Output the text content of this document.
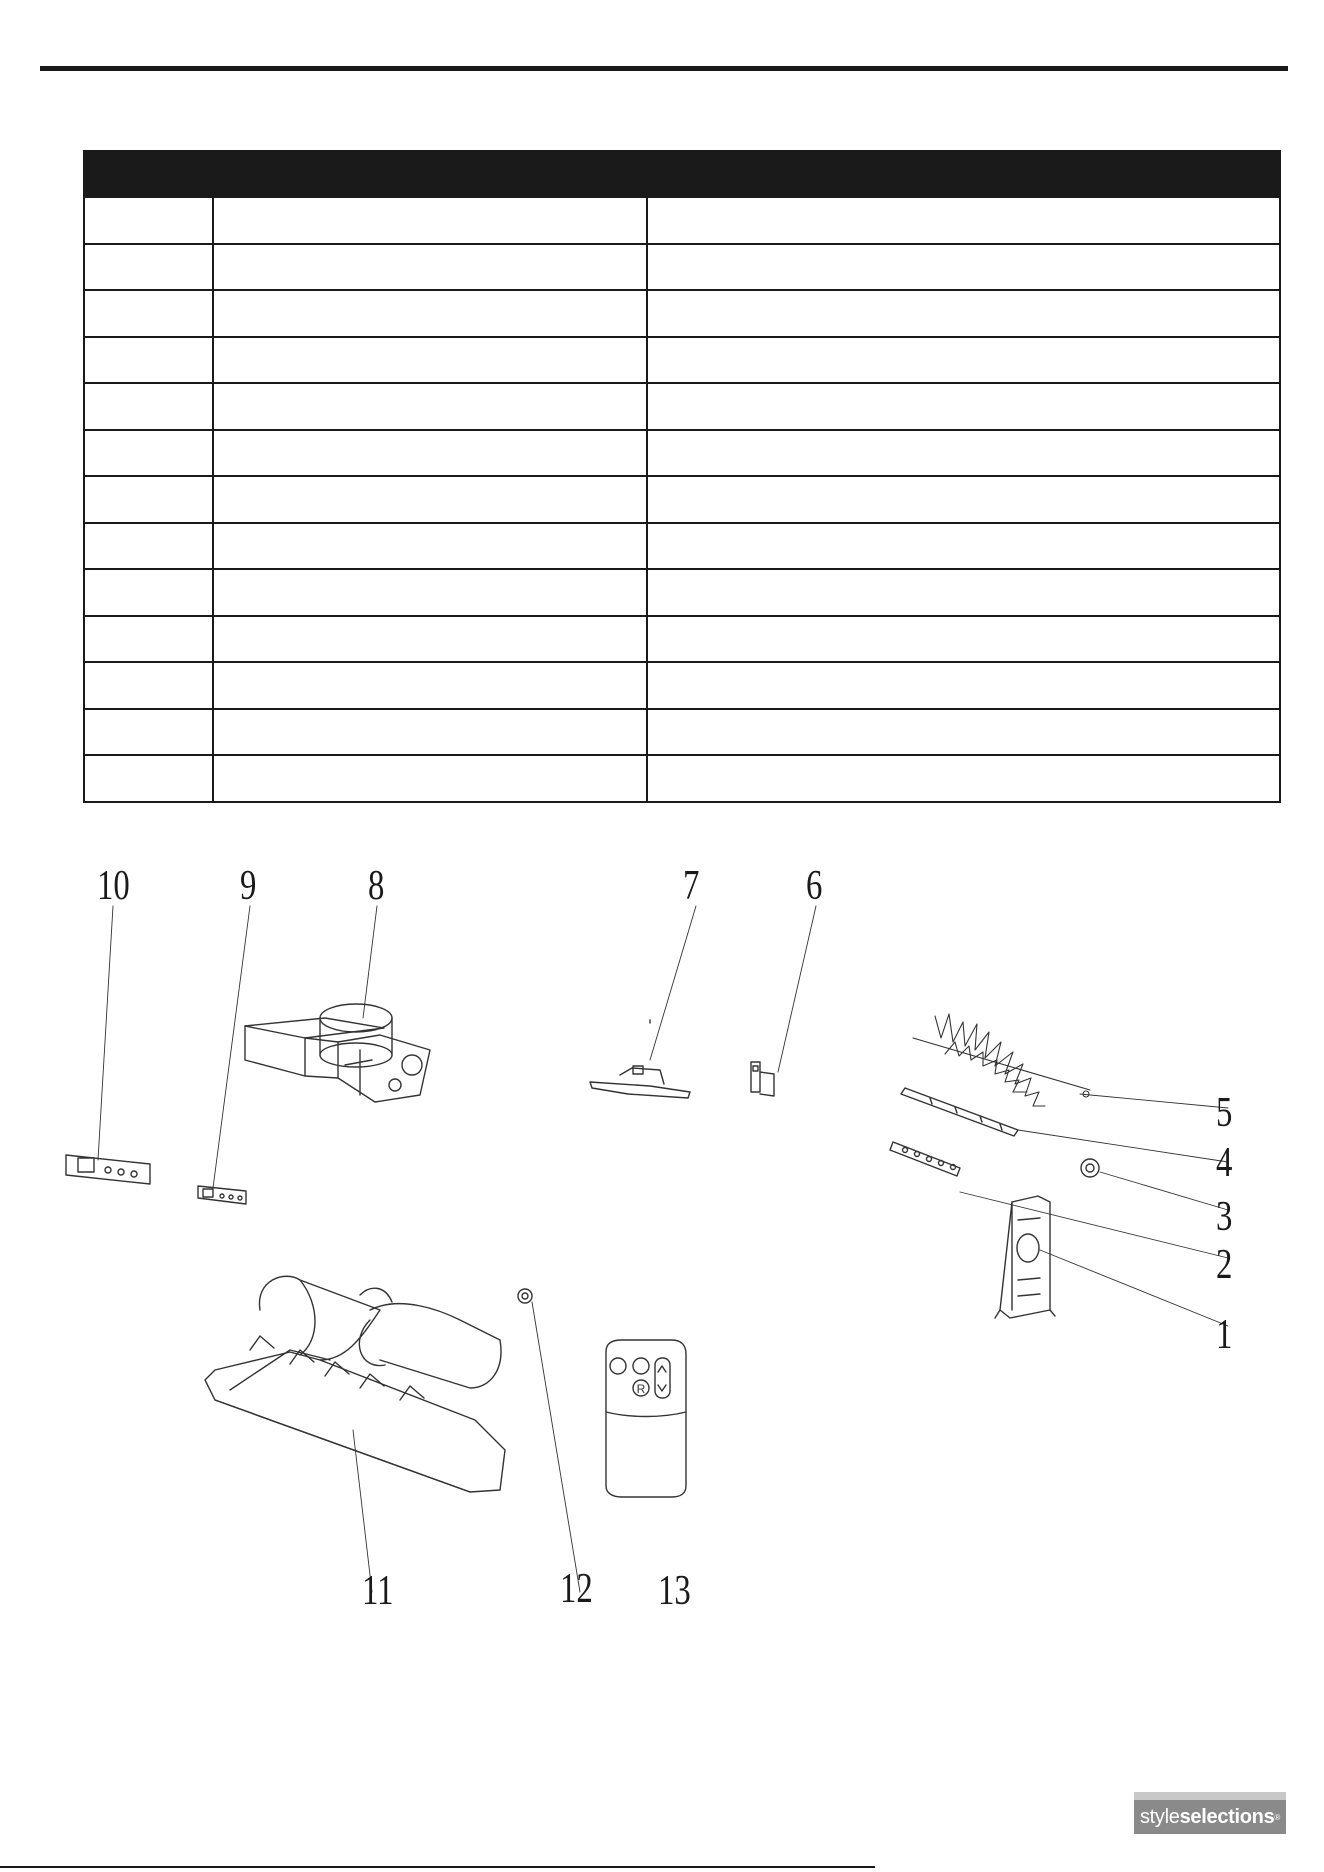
R
10	9	8	7	6
5
4
3
2
1
11	12 13
style selections ®
